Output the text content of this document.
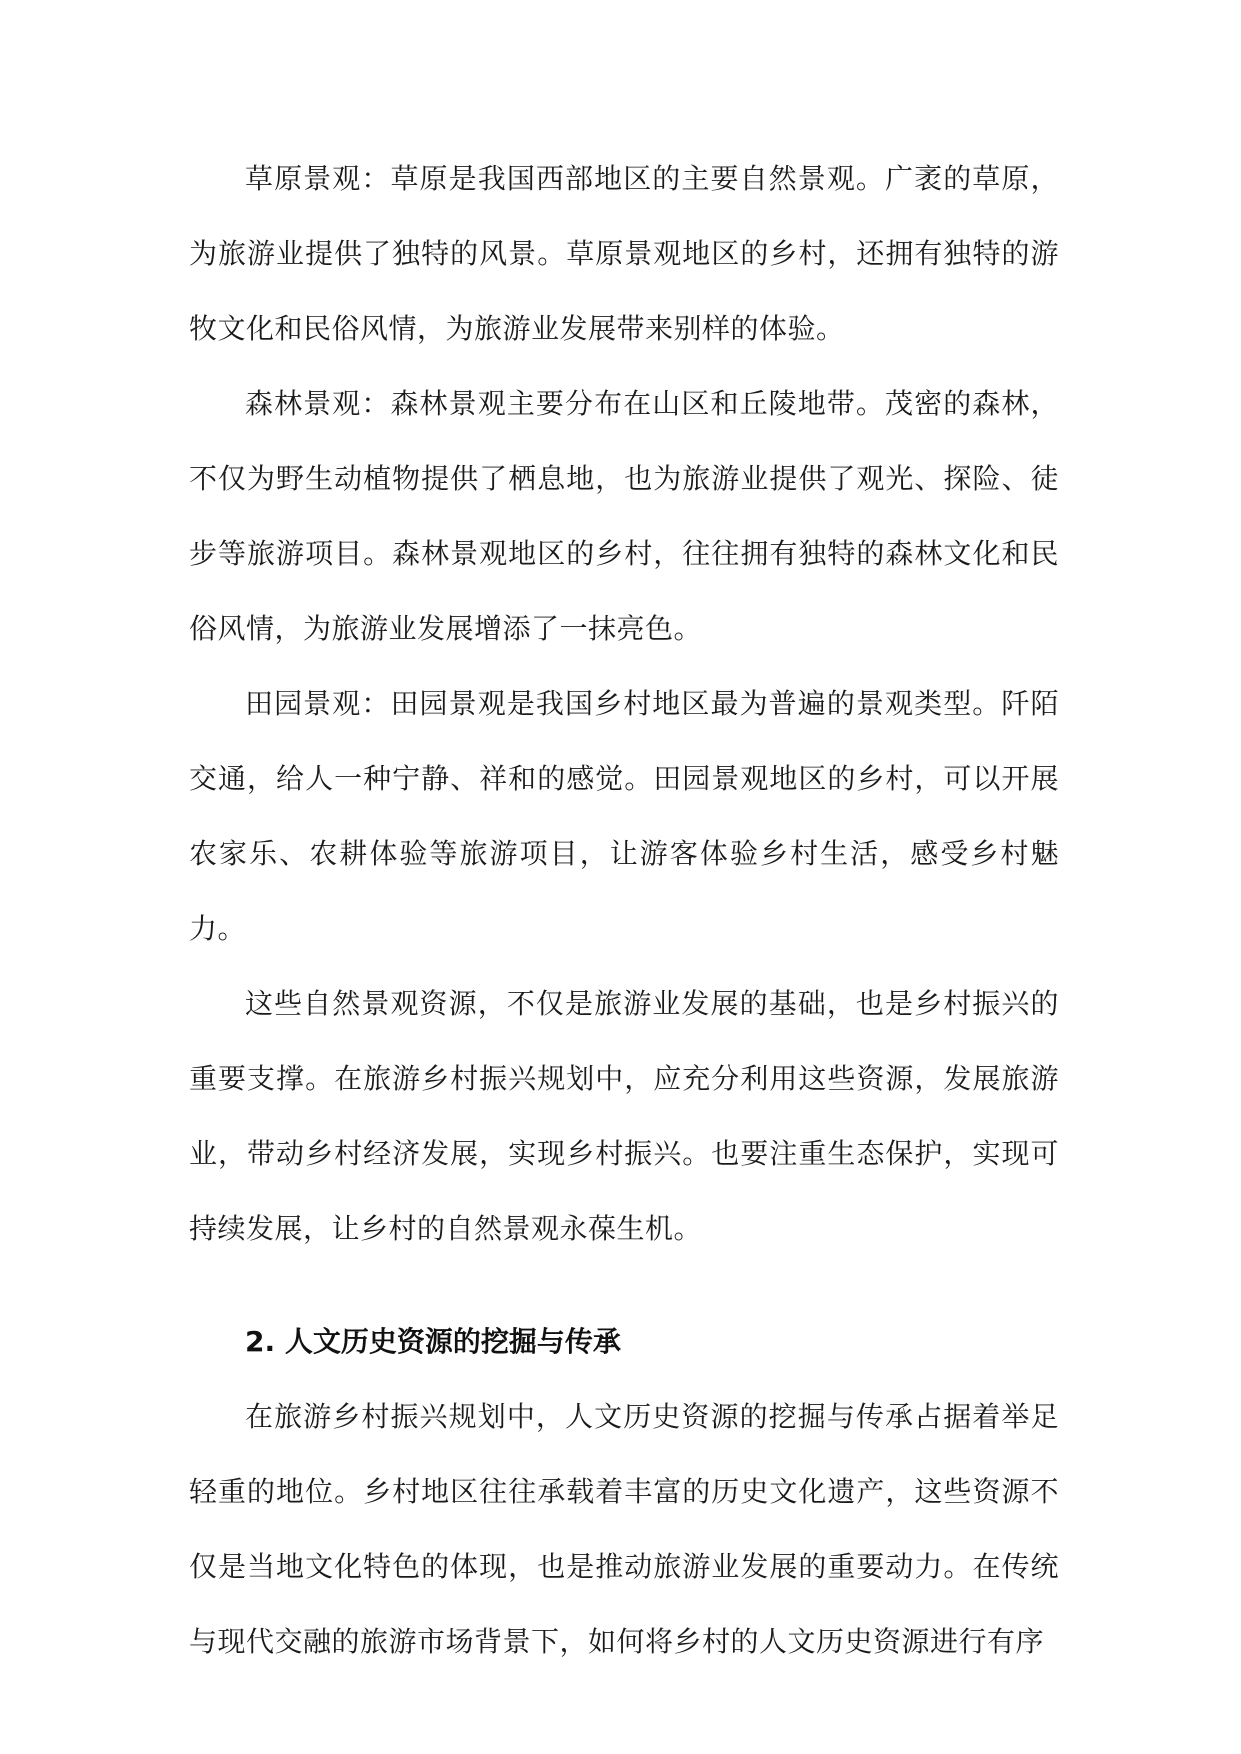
草原景观：草原是我国西部地区的主要自然景观。广袤的草原，为旅游业提供了独特的风景。草原景观地区的乡村，还拥有独特的游牧文化和民俗风情，为旅游业发展带来别样的体验。

森林景观：森林景观主要分布在山区和丘陵地带。茂密的森林，不仅为野生动植物提供了栖息地，也为旅游业提供了观光、探险、徒步等旅游项目。森林景观地区的乡村，往往拥有独特的森林文化和民俗风情，为旅游业发展增添了一抹亮色。

田园景观：田园景观是我国乡村地区最为普遍的景观类型。阡陌交通，给人一种宁静、祥和的感觉。田园景观地区的乡村，可以开展农家乐、农耕体验等旅游项目，让游客体验乡村生活，感受乡村魅力。

这些自然景观资源，不仅是旅游业发展的基础，也是乡村振兴的重要支撑。在旅游乡村振兴规划中，应充分利用这些资源，发展旅游业，带动乡村经济发展，实现乡村振兴。也要注重生态保护，实现可持续发展，让乡村的自然景观永葆生机。

2. 人文历史资源的挖掘与传承

在旅游乡村振兴规划中，人文历史资源的挖掘与传承占据着举足轻重的地位。乡村地区往往承载着丰富的历史文化遗产，这些资源不仅是当地文化特色的体现，也是推动旅游业发展的重要动力。在传统与现代交融的旅游市场背景下，如何将乡村的人文历史资源进行有序
